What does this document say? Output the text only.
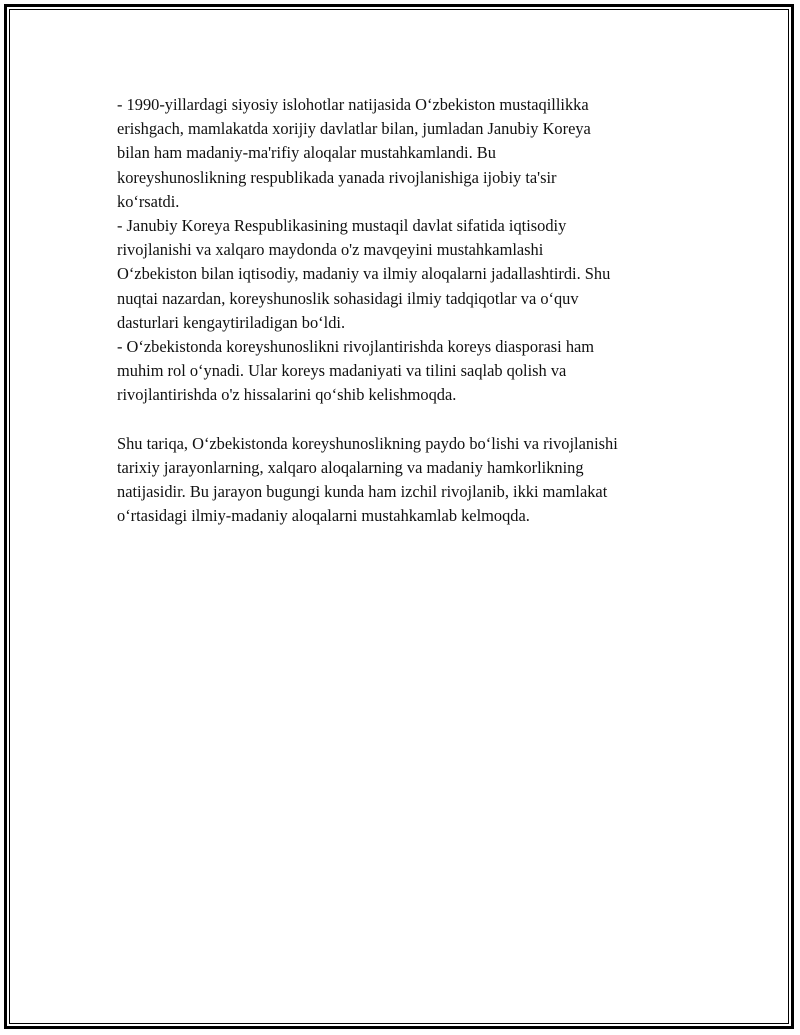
- 1990-yillardagi siyosiy islohotlar natijasida O‘zbekiston mustaqillikka
erishgach, mamlakatda xorijiy davlatlar bilan, jumladan Janubiy Koreya
bilan ham madaniy-ma'rifiy aloqalar mustahkamlandi. Bu
koreyshunoslikning respublikada yanada rivojlanishiga ijobiy ta'sir
ko‘rsatdi.

- Janubiy Koreya Respublikasining mustaqil davlat sifatida iqtisodiy
rivojlanishi va xalqaro maydonda o'z mavqeyini mustahkamlashi
O‘zbekiston bilan iqtisodiy, madaniy va ilmiy aloqalarni jadallashtirdi. Shu
nuqtai nazardan, koreyshunoslik sohasidagi ilmiy tadqiqotlar va o‘quv
dasturlari kengaytiriladigan bo‘ldi.

- O‘zbekistonda koreyshunoslikni rivojlantirishda koreys diasporasi ham
muhim rol o‘ynadi. Ular koreys madaniyati va tilini saqlab qolish va
rivojlantirishda o'z hissalarini qo‘shib kelishmoqda.

Shu tariqa, O‘zbekistonda koreyshunoslikning paydo bo‘lishi va rivojlanishi
tarixiy jarayonlarning, xalqaro aloqalarning va madaniy hamkorlikning
natijasidir. Bu jarayon bugungi kunda ham izchil rivojlanib, ikki mamlakat
o‘rtasidagi ilmiy-madaniy aloqalarni mustahkamlab kelmoqda.
